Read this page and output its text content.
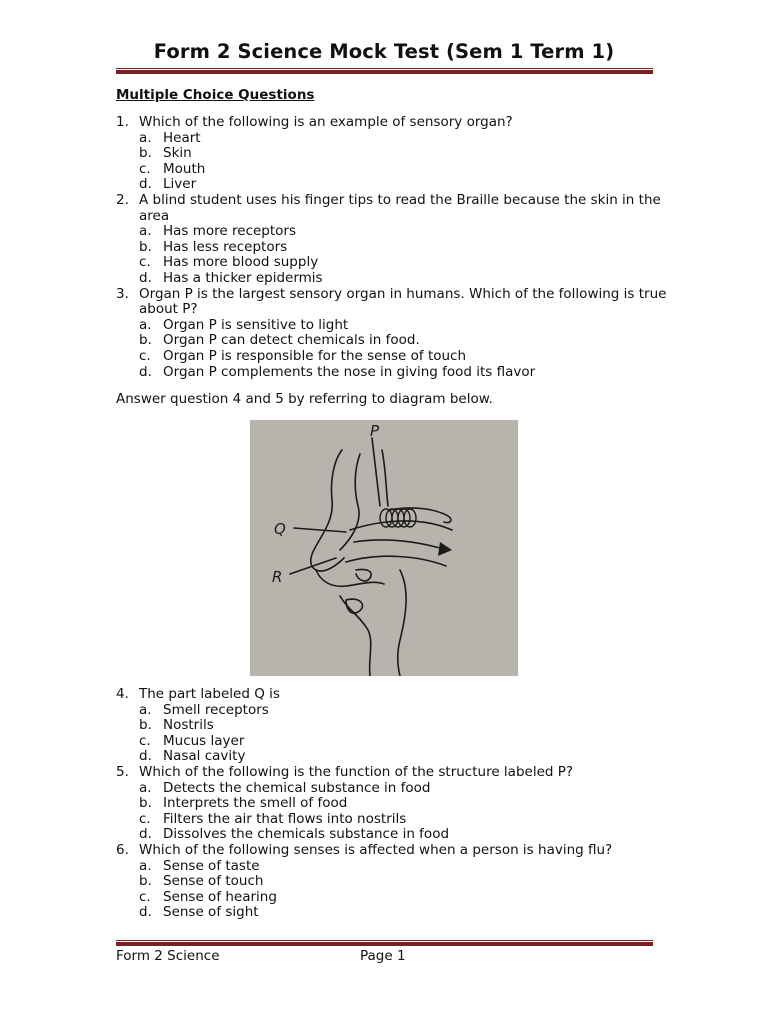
Form 2 Science Mock Test (Sem 1 Term 1)
Multiple Choice Questions
1. Which of the following is an example of sensory organ?
a. Heart
b. Skin
c. Mouth
d. Liver
2. A blind student uses his finger tips to read the Braille because the skin in the area
a. Has more receptors
b. Has less receptors
c. Has more blood supply
d. Has a thicker epidermis
3. Organ P is the largest sensory organ in humans. Which of the following is true about P?
a. Organ P is sensitive to light
b. Organ P can detect chemicals in food.
c. Organ P is responsible for the sense of touch
d. Organ P complements the nose in giving food its flavor
Answer question 4 and 5 by referring to diagram below.
P
Q
R
4. The part labeled Q is
a. Smell receptors
b. Nostrils
c. Mucus layer
d. Nasal cavity
5. Which of the following is the function of the structure labeled P?
a. Detects the chemical substance in food
b. Interprets the smell of food
c. Filters the air that flows into nostrils
d. Dissolves the chemicals substance in food
6. Which of the following senses is affected when a person is having flu?
a. Sense of taste
b. Sense of touch
c. Sense of hearing
d. Sense of sight
Form 2 Science	Page 1
